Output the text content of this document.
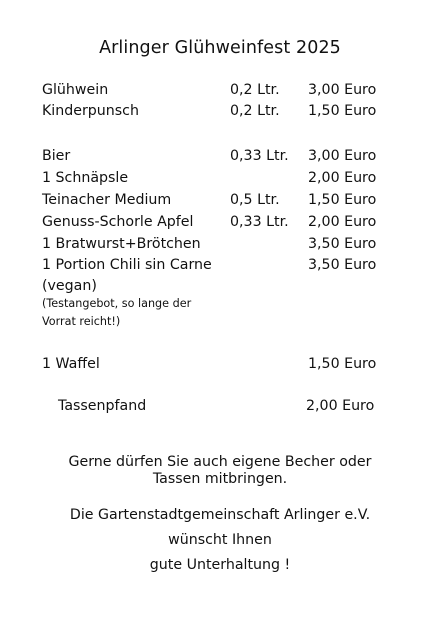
Arlinger Glühweinfest 2025
Glühwein	0,2 Ltr. 3,00 Euro
Kinderpunsch	0,2 Ltr. 1,50 Euro
Bier	0,33 Ltr. 3,00 Euro
1 Schnäpsle	2,00 Euro
Teinacher Medium	0,5 Ltr. 1,50 Euro
Genuss-Schorle Apfel	0,33 Ltr. 2,00 Euro
1 Bratwurst+Brötchen	3,50 Euro
1 Portion Chili sin Carne	3,50 Euro
(vegan)
(Testangebot, so lange der
Vorrat reicht!)
1 Waffel	1,50 Euro
Tassenpfand	2,00 Euro
Gerne dürfen Sie auch eigene Becher oder
Tassen mitbringen.
Die Gartenstadtgemeinschaft Arlinger e.V.
wünscht Ihnen
gute Unterhaltung !
